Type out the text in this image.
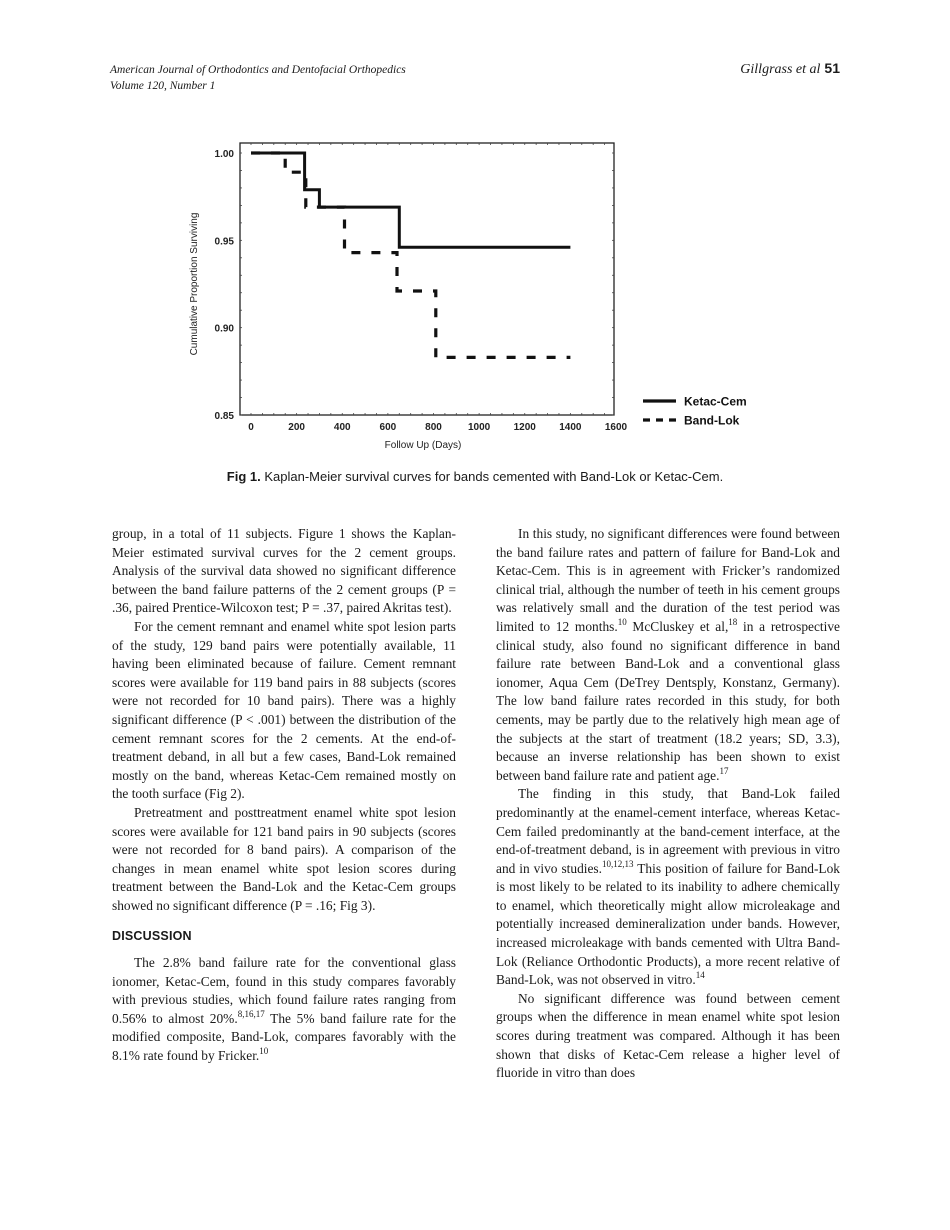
American Journal of Orthodontics and Dentofacial Orthopedics
Volume 120, Number 1
Gillgrass et al 51
0	200	400	600	800	1000 1200 1400 1600
0.85
0.90
0.95
1.00
Cumulative Proportion Surviving
Follow Up (Days)
Ketac-Cem
Band-Lok
Fig 1. Kaplan-Meier survival curves for bands cemented with Band-Lok or Ketac-Cem.

group, in a total of 11 subjects. Figure 1 shows the Kaplan-Meier estimated survival curves for the 2 cement groups. Analysis of the survival data showed no significant difference between the band failure patterns of the 2 cement groups (P = .36, paired Prentice-Wilcoxon test; P = .37, paired Akritas test).

For the cement remnant and enamel white spot lesion parts of the study, 129 band pairs were potentially available, 11 having been eliminated because of failure. Cement remnant scores were available for 119 band pairs in 88 subjects (scores were not recorded for 10 band pairs). There was a highly significant difference (P < .001) between the distribution of the cement remnant scores for the 2 cements. At the end-of-treatment deband, in all but a few cases, Band-Lok remained mostly on the band, whereas Ketac-Cem remained mostly on the tooth surface (Fig 2).

Pretreatment and posttreatment enamel white spot lesion scores were available for 121 band pairs in 90 subjects (scores were not recorded for 8 band pairs). A comparison of the changes in mean enamel white spot lesion scores during treatment between the Band-Lok and the Ketac-Cem groups showed no significant difference (P = .16; Fig 3).

DISCUSSION

The 2.8% band failure rate for the conventional glass ionomer, Ketac-Cem, found in this study compares favorably with previous studies, which found failure rates ranging from 0.56% to almost 20%.$^{8,16,17}$ The 5% band failure rate for the modified composite, Band-Lok, compares favorably with the 8.1% rate found by Fricker.$^{10}$

In this study, no significant differences were found between the band failure rates and pattern of failure for Band-Lok and Ketac-Cem. This is in agreement with Fricker’s randomized clinical trial, although the number of teeth in his cement groups was relatively small and the duration of the test period was limited to 12 months.$^{10}$ McCluskey et al,$^{18}$ in a retrospective clinical study, also found no significant difference in band failure rate between Band-Lok and a conventional glass ionomer, Aqua Cem (DeTrey Dentsply, Konstanz, Germany). The low band failure rates recorded in this study, for both cements, may be partly due to the relatively high mean age of the subjects at the start of treatment (18.2 years; SD, 3.3), because an inverse relationship has been shown to exist between band failure rate and patient age.$^{17}$

The finding in this study, that Band-Lok failed predominantly at the enamel-cement interface, whereas Ketac-Cem failed predominantly at the band-cement interface, at the end-of-treatment deband, is in agreement with previous in vitro and in vivo studies.$^{10,12,13}$ This position of failure for Band-Lok is most likely to be related to its inability to adhere chemically to enamel, which theoretically might allow microleakage and potentially increased demineralization under bands. However, increased microleakage with bands cemented with Ultra Band-Lok (Reliance Orthodontic Products), a more recent relative of Band-Lok, was not observed in vitro.$^{14}$

No significant difference was found between cement groups when the difference in mean enamel white spot lesion scores during treatment was compared. Although it has been shown that disks of Ketac-Cem release a higher level of fluoride in vitro than does
